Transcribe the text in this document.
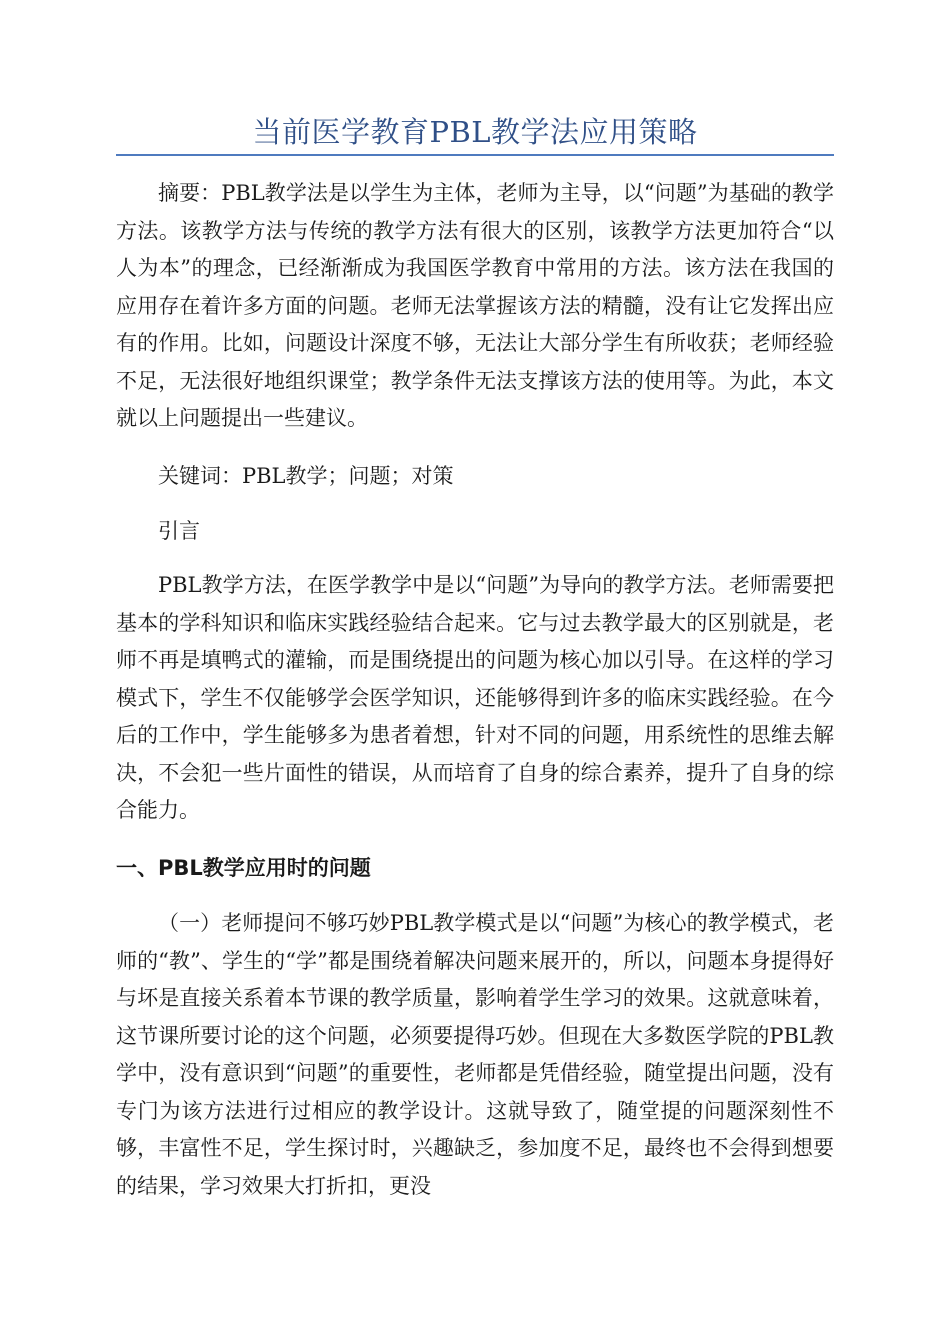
当前医学教育PBL教学法应用策略

摘要：PBL教学法是以学生为主体，老师为主导，以“问题”为基础的教学方法。该教学方法与传统的教学方法有很大的区别，该教学方法更加符合“以人为本”的理念，已经渐渐成为我国医学教育中常用的方法。该方法在我国的应用存在着许多方面的问题。老师无法掌握该方法的精髓，没有让它发挥出应有的作用。比如，问题设计深度不够，无法让大部分学生有所收获；老师经验不足，无法很好地组织课堂；教学条件无法支撑该方法的使用等。为此，本文就以上问题提出一些建议。

关键词：PBL教学；问题；对策

引言

PBL教学方法，在医学教学中是以“问题”为导向的教学方法。老师需要把基本的学科知识和临床实践经验结合起来。它与过去教学最大的区别就是，老师不再是填鸭式的灌输，而是围绕提出的问题为核心加以引导。在这样的学习模式下，学生不仅能够学会医学知识，还能够得到许多的临床实践经验。在今后的工作中，学生能够多为患者着想，针对不同的问题，用系统性的思维去解决，不会犯一些片面性的错误，从而培育了自身的综合素养，提升了自身的综合能力。

一、PBL教学应用时的问题

（一）老师提问不够巧妙PBL教学模式是以“问题”为核心的教学模式，老师的“教”、学生的“学”都是围绕着解决问题来展开的，所以，问题本身提得好与坏是直接关系着本节课的教学质量，影响着学生学习的效果。这就意味着，这节课所要讨论的这个问题，必须要提得巧妙。但现在大多数医学院的PBL教学中，没有意识到“问题”的重要性，老师都是凭借经验，随堂提出问题，没有专门为该方法进行过相应的教学设计。这就导致了，随堂提的问题深刻性不够，丰富性不足，学生探讨时，兴趣缺乏，参加度不足，最终也不会得到想要的结果，学习效果大打折扣，更没
